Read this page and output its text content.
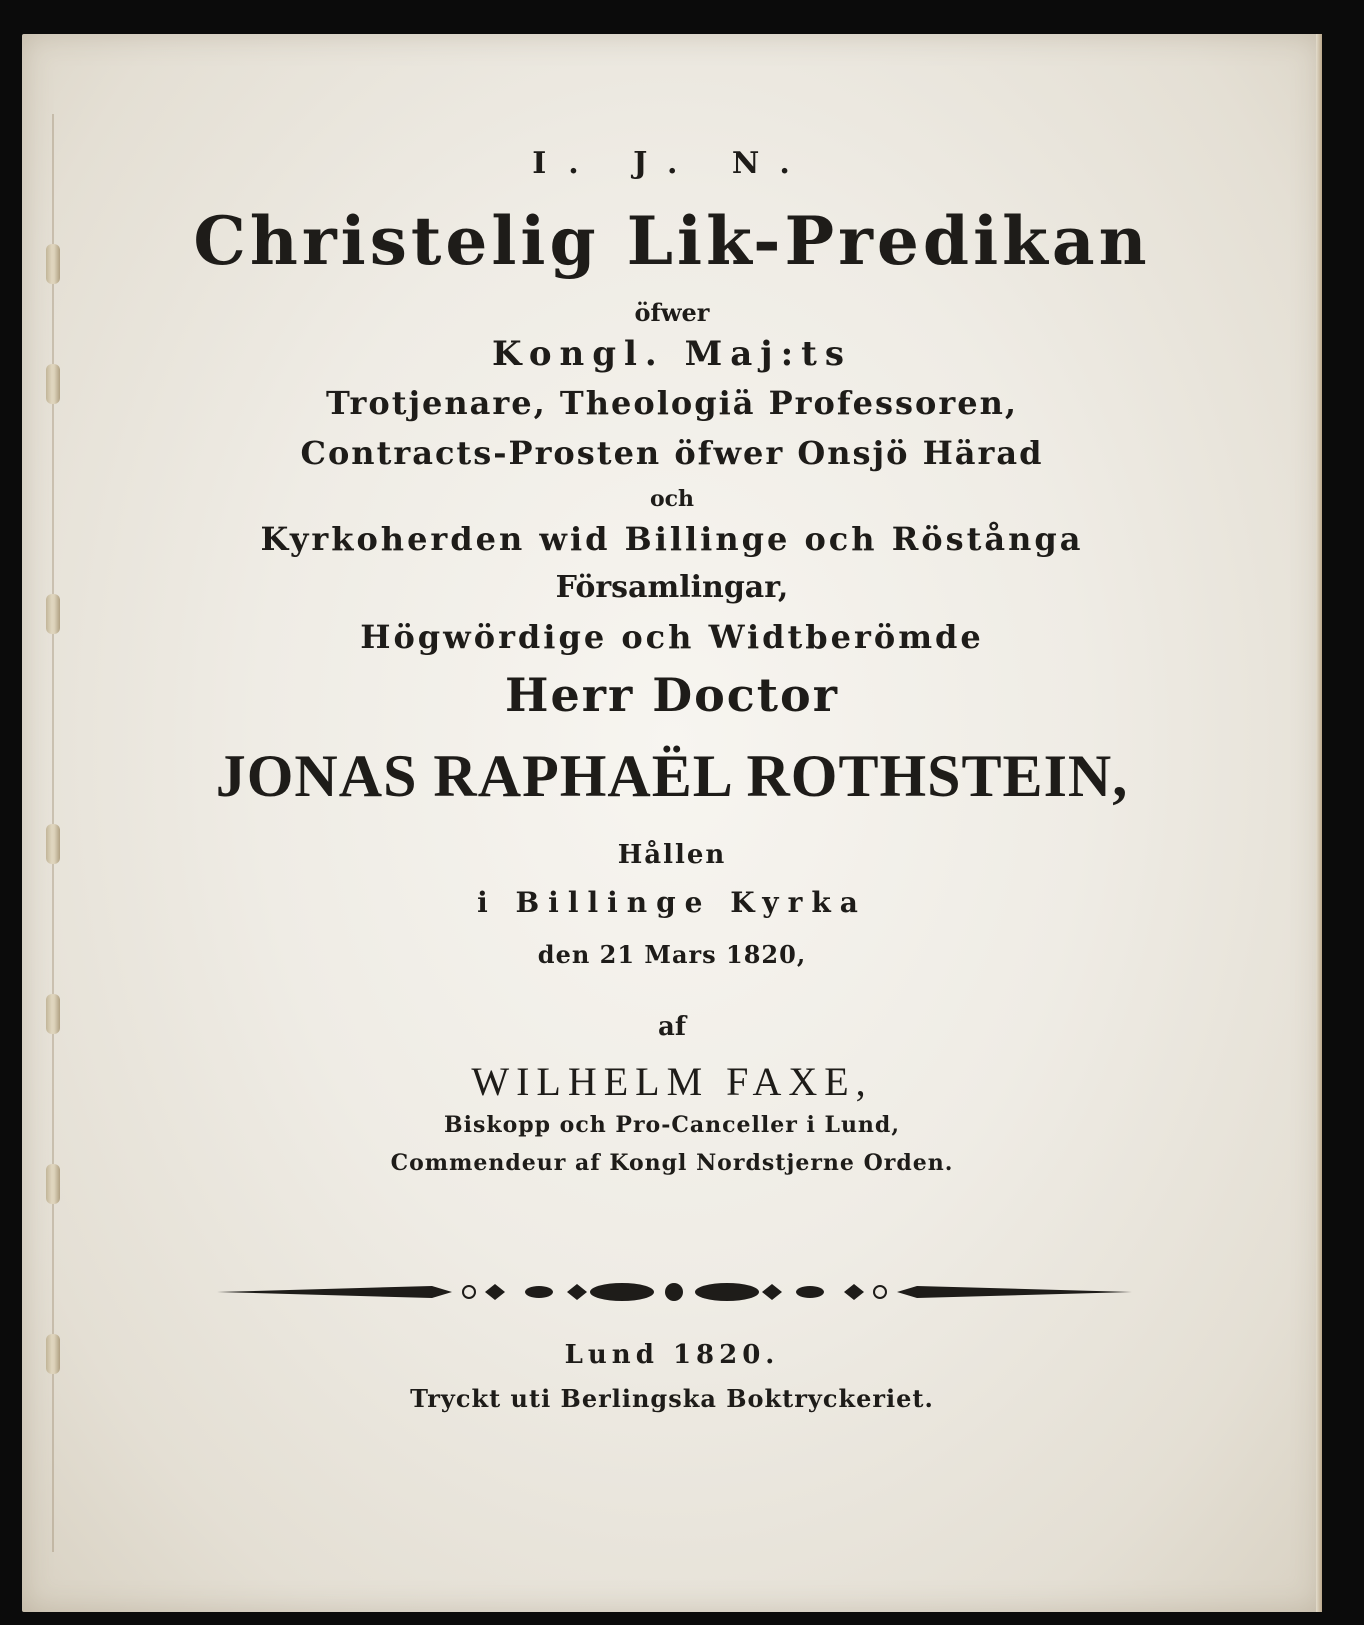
I. J. N.
Christelig Lik-Predikan
öfwer
Kongl. Maj:ts
Trotjenare, Theologiä Professoren,
Contracts-Prosten öfwer Onsjö Härad
och
Kyrkoherden wid Billinge och Röstånga
Församlingar,
Högwördige och Widtberömde
Herr Doctor
JONAS RAPHAËL ROTHSTEIN,
Hållen
i Billinge Kyrka
den 21 Mars 1820,
af
WILHELM FAXE,
Biskopp och Pro-Canceller i Lund,
Commendeur af Kongl Nordstjerne Orden.
Lund 1820.
Tryckt uti Berlingska Boktryckeriet.
